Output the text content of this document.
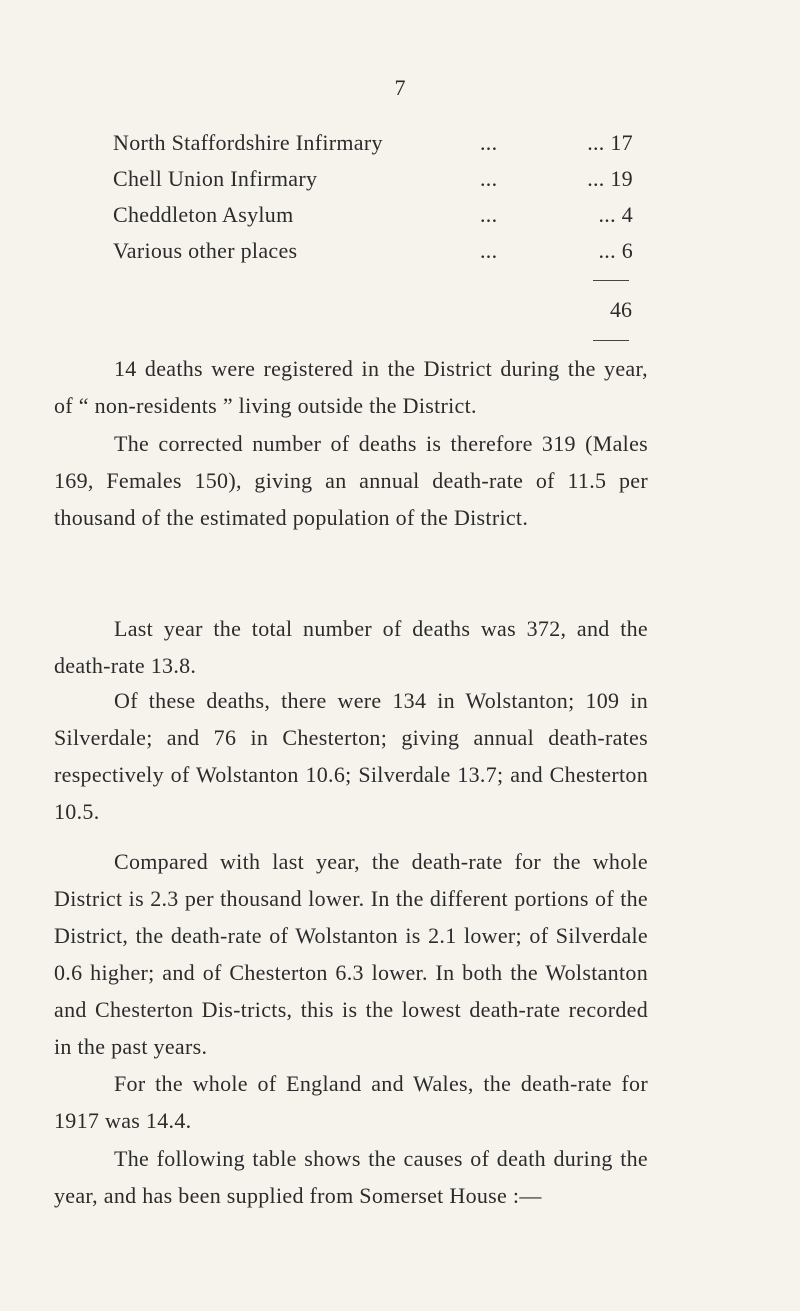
7
North Staffordshire Infirmary	...	... 17
Chell Union Infirmary	...	... 19
Cheddleton Asylum	...	... 4
Various other places	...	... 6
46

14 deaths were registered in the District during the year, of “ non-residents ” living outside the District.

The corrected number of deaths is therefore 319 (Males 169, Females 150), giving an annual death-rate of 11.5 per thousand of the estimated population of the District.

Last year the total number of deaths was 372, and the death-rate 13.8.

Of these deaths, there were 134 in Wolstanton; 109 in Silverdale; and 76 in Chesterton; giving annual death-rates respectively of Wolstanton 10.6; Silverdale 13.7; and Chesterton 10.5.

Compared with last year, the death-rate for the whole District is 2.3 per thousand lower. In the different portions of the District, the death-rate of Wolstanton is 2.1 lower; of Silverdale 0.6 higher; and of Chesterton 6.3 lower. In both the Wolstanton and Chesterton Dis-tricts, this is the lowest death-rate recorded in the past years.

For the whole of England and Wales, the death-rate for 1917 was 14.4.

The following table shows the causes of death during the year, and has been supplied from Somerset House :—
